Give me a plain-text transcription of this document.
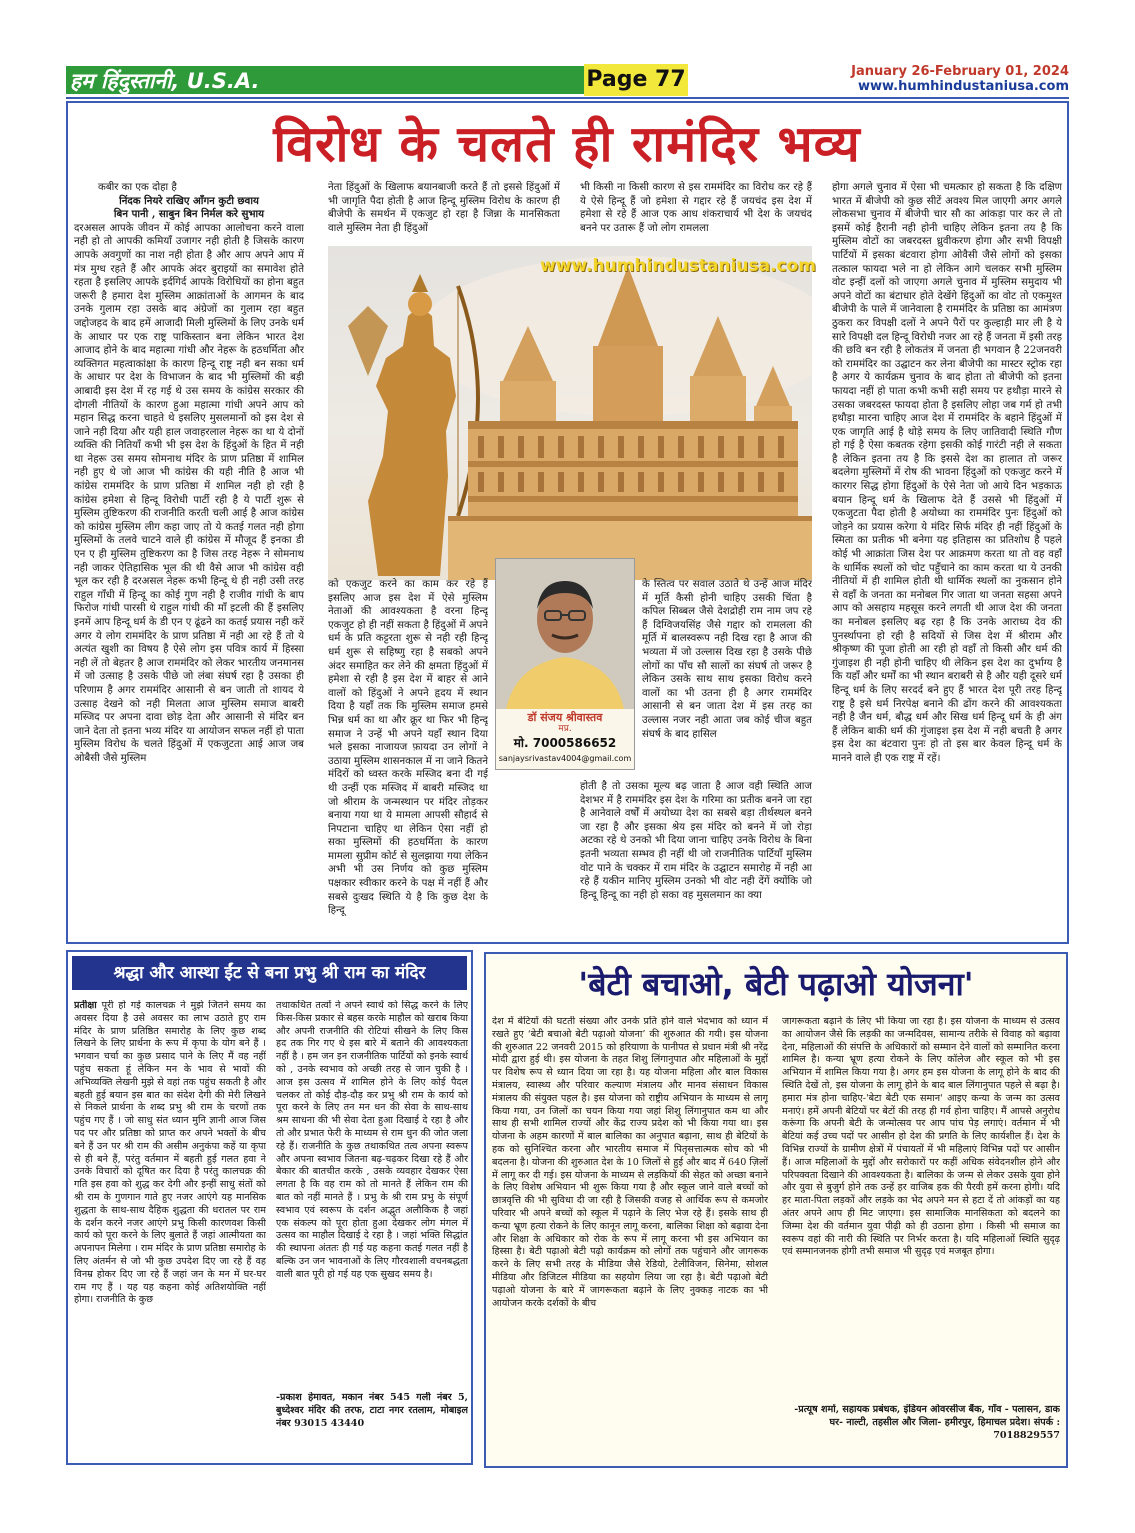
हम हिंदुस्तानी, U.S.A.	Page 77	January 26-February 01, 2024
www.humhindustaniusa.com
विरोध के चलते ही रामंदिर भव्य
कबीर का एक दोहा है
निंदक नियरे राखिए आँगन कुटी छवाय
बिन पानी , साबुन बिन निर्मल करे सुभाय
दरअसल आपके जीवन में कोई आपका आलोचना करने वाला नही हो तो आपकी कमियाँ उजागर नही होती है जिसके कारण आपके अवगुणों का नाश नही होता है और आप अपने आप में मंत्र मुग्ध रहते हैं और आपके अंदर बुराइयों का समावेश होते रहता है इसलिए आपके इर्दगिर्द आपके विरोधियों का होना बहुत जरूरी है हमारा देश मुस्लिम आक्रांताओं के आगमन के बाद उनके गुलाम रहा उसके बाद अंग्रेजों का गुलाम रहा बहुत जद्दोजहद के बाद हमें आजादी मिली मुस्लिमों के लिए उनके धर्म के आधार पर एक राष्ट्र पाकिस्तान बना लेकिन भारत देश आजाद होने के बाद महात्मा गांधी और नेहरू के हठधर्मिता और व्यक्तिगत महत्वाकांक्षा के कारण हिन्दू राष्ट्र नही बन सका धर्म के आधार पर देश के विभाजन के बाद भी मुस्लिमों की बड़ी आबादी इस देश में रह गई थे उस समय के कांग्रेस सरकार की दोगली नीतियों के कारण हुआ महात्मा गांधी अपने आप को महान सिद्ध करना चाहते थे इसलिए मुसलमानों को इस देश से जाने नही दिया और यही हाल जवाहरलाल नेहरू का था ये दोनों व्यक्ति की नितियाँ कभी भी इस देश के हिंदुओं के हित में नही था नेहरू उस समय सोमनाथ मंदिर के प्राण प्रतिष्ठा में शामिल नही हुए थे जो आज भी कांग्रेस की यही नीति है आज भी कांग्रेस राममंदिर के प्राण प्रतिष्ठा में शामिल नही हो रही है कांग्रेस हमेशा से हिन्दू विरोधी पार्टी रही है ये पार्टी शुरू से मुस्लिम तुष्टिकरण की राजनीति करती चली आई है आज कांग्रेस को कांग्रेस मुस्लिम लीग कहा जाए तो ये कतई गलत नही होगा मुस्लिमों के तलवे चाटने वाले ही कांग्रेस में मौजूद हैं इनका डी एन ए ही मुस्लिम तुष्टिकरण का है जिस तरह नेहरू ने सोमनाथ नही जाकर ऐतिहासिक भूल की थी वैसे आज भी कांग्रेस वही भूल कर रही है दरअसल नेहरू कभी हिन्दू थे ही नही उसी तरह राहुल गाँधी में हिन्दू का कोई गुण नही है राजीव गांधी के बाप फिरोज गांधी पारसी थे राहुल गांधी की माँ इटली की हैं इसलिए इनमें आप हिन्दू धर्म के डी एन ए ढूंढने का कतई प्रयास नही करें अगर ये लोग राममंदिर के प्राण प्रतिष्ठा में नही आ रहे हैं तो ये अत्यंत खुशी का विषय है ऐसे लोग इस पवित्र कार्य में हिस्सा नही लें तो बेहतर है आज राममंदिर को लेकर भारतीय जनमानस में जो उत्साह है उसके पीछे जो लंबा संघर्ष रहा है उसका ही परिणाम है अगर राममंदिर आसानी से बन जाती तो शायद ये उत्साह देखने को नही मिलता आज मुस्लिम समाज बाबरी मस्जिद पर अपना दावा छोड़ देता और आसानी से मंदिर बन जाने देता तो इतना भव्य मंदिर या आयोजन सफल नहीं हो पाता मुस्लिम विरोध के चलते हिंदुओं में एकजुटता आई आज जब ओबैसी जैसे मुस्लिम
नेता हिंदुओं के खिलाफ बयानबाजी करते हैं तो इससे हिंदुओं में भी जागृति पैदा होती है आज हिन्दू मुस्लिम विरोध के कारण ही बीजेपी के समर्थन में एकजुट हो रहा है जिन्ना के मानसिकता वाले मुस्लिम नेता ही हिंदुओं
भी किसी ना किसी कारण से इस राममंदिर का विरोध कर रहे हैं ये ऐसे हिन्दू हैं जो हमेशा से गद्दार रहे हैं जयचंद इस देश में हमेशा से रहे हैं आज एक आध शंकराचार्य भी देश के जयचंद बनने पर उतारू हैं जो लोग रामलला
www.humhindustaniusa.com
को एकजुट करने का काम कर रहे हैं इसलिए आज इस देश में ऐसे मुस्लिम नेताओं की आवश्यकता है वरना हिन्दू एकजुट हो ही नहीं सकता है हिंदुओं में अपने धर्म के प्रति कट्टरता शुरू से नही रही हिन्दू धर्म शुरू से सहिष्णु रहा है सबको अपने अंदर समाहित कर लेने की क्षमता हिंदुओं में हमेशा से रही है इस देश में बाहर से आने वालों को हिंदुओं ने अपने हृदय में स्थान दिया है यहाँ तक कि मुस्लिम समाज हमसे भिन्न धर्म का था और क्रूर था फिर भी हिन्दू समाज ने उन्हें भी अपने यहाँ स्थान दिया भले इसका नाजायज फ़ायदा उन लोगों ने उठाया मुस्लिम शासनकाल में ना जाने कितने मंदिरों को ध्वस्त करके मस्जिद बना दी गई थी उन्हीं एक मस्जिद में बाबरी मस्जिद था जो श्रीराम के जन्मस्थान पर मंदिर तोड़कर बनाया गया था ये मामला आपसी सौहार्द से निपटाना चाहिए था लेकिन ऐसा नहीं हो सका मुस्लिमों की हठधर्मिता के कारण मामला सुप्रीम कोर्ट से सुलझाया गया लेकिन अभी भी उस निर्णय को कुछ मुस्लिम पक्षकार स्वीकार करने के पक्ष में नहीं हैं और सबसे दुःखद स्थिति ये है कि कुछ देश के हिन्दू
डॉ संजय श्रीवास्तव
मप्र.
मो. 7000586652
sanjaysrivastav4004@gmail.com
के स्तित्व पर सवाल उठाते थे उन्हें आज मंदिर में मूर्ति कैसी होनी चाहिए उसकी चिंता है कपिल सिब्बल जैसे देशद्रोही राम नाम जप रहे हैं दिग्विजयसिंह जैसे गद्दार को रामलला की मूर्ति में बालस्वरूप नही दिख रहा है आज की भव्यता में जो उल्लास दिख रहा है उसके पीछे लोगों का पाँच सौ सालों का संघर्ष तो जरूर है लेकिन उसके साथ साथ इसका विरोध करने वालों का भी उतना ही है अगर राममंदिर आसानी से बन जाता देश में इस तरह का उल्लास नजर नही आता जब कोई चीज बहुत संघर्ष के बाद हासिल
होती है तो उसका मूल्य बढ़ जाता है आज वही स्थिति आज देशभर में है राममंदिर इस देश के गरिमा का प्रतीक बनने जा रहा है आनेवाले वर्षों में अयोध्या देश का सबसे बड़ा तीर्थस्थल बनने जा रहा है और इसका श्रेय इस मंदिर को बनने में जो रोड़ा अटका रहे थे उनको भी दिया जाना चाहिए उनके विरोध के बिना इतनी भव्यता सम्भव ही नहीं थी जो राजनीतिक पार्टियाँ मुस्लिम वोट पाने के चक्कर में राम मंदिर के उद्घाटन समारोह में नही आ रहे हैं यकीन मानिए मुस्लिम उनको भी वोट नही देंगें क्योंकि जो हिन्दू हिन्दू का नही हो सका वह मुसलमान का क्या
होगा अगले चुनाव में ऐसा भी चमत्कार हो सकता है कि दक्षिण भारत में बीजेपी को कुछ सीटें अवश्य मिल जाएगी अगर अगले लोकसभा चुनाव में बीजेपी चार सौ का आंकड़ा पार कर ले तो इसमें कोई हैरानी नही होनी चाहिए लेकिन इतना तय है कि मुस्लिम वोटों का जबरदस्त ध्रुवीकरण होगा और सभी विपक्षी पार्टियों में इसका बंटवारा होगा ओवैसी जैसे लोगों को इसका तत्काल फायदा भले ना हो लेकिन आगे चलकर सभी मुस्लिम वोट इन्हीं दलों को जाएगा अगले चुनाव में मुस्लिम समुदाय भी अपने वोटों का बंटाधार होते देखेंगे हिंदुओं का वोट तो एकमुश्त बीजेपी के पाले में जानेवाला है राममंदिर के प्रतिष्ठा का आमंत्रण ठुकरा कर विपक्षी दलों ने अपने पैरों पर कुल्हाड़ी मार ली है ये सारे विपक्षी दल हिन्दू विरोधी नजर आ रहे हैं जनता में इसी तरह की छवि बन रही है लोकतंत्र में जनता ही भगवान है 22जनवरी को राममंदिर का उद्घाटन कर लेना बीजेपी का मास्टर स्ट्रोक रहा है अगर ये कार्यक्रम चुनाव के बाद होता तो बीजेपी को इतना फायदा नहीं हो पाता कभी कभी सही समय पर हथौड़ा मारने से उसका जबरदस्त फायदा होता है इसलिए लोहा जब गर्म हो तभी हथौड़ा मारना चाहिए आज देश में राममंदिर के बहाने हिंदुओं में एक जागृति आई है थोड़े समय के लिए जातिवादी स्थिति गौण हो गई है ऐसा कबतक रहेगा इसकी कोई गारंटी नही ले सकता है लेकिन इतना तय है कि इससे देश का हालात तो जरूर बदलेगा मुस्लिमों में रोष की भावना हिंदुओं को एकजुट करने में कारगर सिद्ध होगा हिंदुओं के ऐसे नेता जो आये दिन भड़काऊ बयान हिन्दू धर्म के खिलाफ देते हैं उससे भी हिंदुओं में एकजुटता पैदा होती है अयोध्या का राममंदिर पुनः हिंदुओं को जोड़ने का प्रयास करेगा ये मंदिर सिर्फ मंदिर ही नहीं हिंदुओं के स्मिता का प्रतीक भी बनेगा यह इतिहास का प्रतिशोध है पहले कोई भी आक्रांता जिस देश पर आक्रमण करता था तो वह वहाँ के धार्मिक स्थलों को चोट पहुँचाने का काम करता था ये उनकी नीतियों में ही शामिल होती थी धार्मिक स्थलों का नुकसान होने से वहाँ के जनता का मनोबल गिर जाता था जनता सहसा अपने आप को असहाय महसूस करने लगती थी आज देश की जनता का मनोबल इसलिए बढ़ रहा है कि उनके आराध्य देव की पुनर्स्थापना हो रही है सदियों से जिस देश में श्रीराम और श्रीकृष्ण की पूजा होती आ रही हो वहाँ तो किसी और धर्म की गुंजाइश ही नही होनी चाहिए थी लेकिन इस देश का दुर्भाग्य है कि यहाँ और धर्मों का भी स्थान बराबरी से है और यही दूसरे धर्म हिन्दू धर्म के लिए सरदर्द बने हुए हैं भारत देश पूरी तरह हिन्दू राष्ट्र है इसे धर्म निरपेक्ष बनाने की ढोंग करने की आवश्यकता नही है जैन धर्म, बौद्ध धर्म और सिख धर्म हिन्दू धर्म के ही अंग हैं लेकिन बाकी धर्म की गुंजाइश इस देश में नही बचती है अगर इस देश का बंटवारा पुनः हो तो इस बार केवल हिन्दू धर्म के मानने वाले ही एक राष्ट्र में रहें।
श्रद्धा और आस्था ईंट से बना प्रभु श्री राम का मंदिर
प्रतीक्षा पूरी हो गई कालचक्र ने मुझे जितने समय का अवसर दिया है उसे अवसर का लाभ उठाते हुए राम मंदिर के प्राण प्रतिष्ठित समारोह के लिए कुछ शब्द लिखने के लिए प्रार्थना के रूप में कृपा के योग बने हैं । भगवान चर्चा का कुछ प्रसाद पाने के लिए मैं वह नहीं पहुंच सकता हूं लेकिन मन के भाव से भावों की अभिव्यक्ति लेखनी मुझे से वहां तक पहुंच सकती है और बहती हुई बयान इस बात का संदेश देगी की मेरी लिखने से निकले प्रार्थना के शब्द प्रभु श्री राम के चरणों तक पहुंच गए हैं । जो साधु संत ध्यान मुनि ज्ञानी आज जिस पद पर और प्रतिष्ठा को प्राप्त कर अपने भक्तों के बीच बने हैं उन पर श्री राम की असीम अनुकंपा कहें या कृपा से ही बने हैं, परंतु वर्तमान में बहती हुई गलत हवा ने उनके विचारों को दूषित कर दिया है परंतु कालचक्र की गति इस हवा को शुद्ध कर देगी और इन्हीं साधु संतों को श्री राम के गुणगान गाते हुए नजर आएंगे यह मानसिक शुद्धता के साथ-साथ दैहिक शुद्धता की धरातल पर राम के दर्शन करने नजर आएंगे प्रभु किसी कारणवश किसी कार्य को पूरा करने के लिए बुलाते हैं जहां आत्मीयता का अपनापन मिलेगा । राम मंदिर के प्राण प्रतिष्ठा समारोह के लिए अंतर्मन से जो भी कुछ उपदेश दिए जा रहे हैं वह विनम्र होकर दिए जा रहे हैं जहां जन के मन में घर-घर राम गए हैं । यह यह कहना कोई अतिशयोक्ति नहीं होगा। राजनीति के कुछ
तथाकथित तत्वों ने अपने स्वार्थ को सिद्ध करने के लिए किस-किस प्रकार से बहस करके माहौल को खराब किया और अपनी राजनीति की रोटियां सीखने के लिए किस हद तक गिर गए थे इस बारे में बताने की आवश्यकता नहीं है । हम जन इन राजनीतिक पार्टियों को इनके स्वार्थ को , उनके स्वभाव को अच्छी तरह से जान चुकी है । आज इस उत्सव में शामिल होने के लिए कोई पैदल चलकर तो कोई दौड़-दौड़ कर प्रभु श्री राम के कार्य को पूरा करने के लिए तन मन धन की सेवा के साथ-साथ श्रम साधना की भी सेवा देता हुआ दिखाई दे रहा है और तो और प्रभात फेरी के माध्यम से राम धुन की जोत जला रहे हैं। राजनीति के कुछ तथाकथित तत्व अपना स्वरूप और अपना स्वभाव जितना बढ़-चढ़कर दिखा रहे हैं और बेकार की बातचीत करके , उसके व्यवहार देखकर ऐसा लगता है कि वह राम को तो मानते हैं लेकिन राम की बात को नहीं मानते हैं । प्रभु के श्री राम प्रभु के संपूर्ण स्वभाव एवं स्वरूप के दर्शन अद्भुत अलौकिक है जहां एक संकल्प को पूरा होता हुआ देखकर लोग मंगल में उत्सव का माहौल दिखाई दे रहा है । जहां भक्ति सिद्धांत की स्थापना अंततः ही गई यह कहना कतई गलत नहीं है बल्कि उन जन भावनाओं के लिए गौरवशाली वचनबद्धता वाली बात पूरी हो गई यह एक सुखद समय है।
-प्रकाश हेमावत, मकान नंबर 545 गली नंबर 5, बुध्देश्वर मंदिर की तरफ, टाटा नगर रतलाम, मोबाइल नंबर 93015 43440
'बेटी बचाओ, बेटी पढ़ाओ योजना'
देश में बेटियों की घटती संख्या और उनके प्रति होने वाले भेदभाव को ध्यान में रखते हुए ‘बेटी बचाओ बेटी पढ़ाओ योजना’ की शुरुआत की गयी। इस योजना की शुरुआत 22 जनवरी 2015 को हरियाणा के पानीपत से प्रधान मंत्री श्री नरेंद्र मोदी द्वारा हुई थी। इस योजना के तहत शिशु लिंगानुपात और महिलाओं के मुद्दों पर विशेष रूप से ध्यान दिया जा रहा है। यह योजना महिला और बाल विकास मंत्रालय, स्वास्थ्य और परिवार कल्याण मंत्रालय और मानव संसाधन विकास मंत्रालय की संयुक्त पहल है। इस योजना को राष्ट्रीय अभियान के माध्यम से लागू किया गया, उन जिलों का चयन किया गया जहां शिशु लिंगानुपात कम था और साथ ही सभी शामिल राज्यों और केंद्र राज्य प्रदेश को भी किया गया था। इस योजना के अहम कारणों में बाल बालिका का अनुपात बढ़ाना, साथ ही बेटियों के हक को सुनिश्चित करना और भारतीय समाज में पितृसत्तात्मक सोच को भी बदलना है। योजना की शुरुआत देश के 10 जिलों से हुई और बाद में 640 ज़िलों में लागू कर दी गई। इस योजना के माध्यम से लड़कियों की सेहत को अच्छा बनाने के लिए विशेष अभियान भी शुरू किया गया है और स्कूल जाने वाले बच्चों को छात्रवृत्ति की भी सुविधा दी जा रही है जिसकी वजह से आर्थिक रूप से कमजोर परिवार भी अपने बच्चों को स्कूल में पढ़ाने के लिए भेज रहे हैं। इसके साथ ही कन्या भ्रूण हत्या रोकने के लिए कानून लागू करना, बालिका शिक्षा को बढ़ावा देना और शिक्षा के अधिकार को रोक के रूप में लागू करना भी इस अभियान का हिस्सा है। बेटी पढ़ाओ बेटी पढ़ो कार्यक्रम को लोगों तक पहुंचाने और जागरूक करने के लिए सभी तरह के मीडिया जैसे रेडियो, टेलीविजन, सिनेमा, सोशल मीडिया और डिजिटल मीडिया का सहयोग लिया जा रहा है। बेटी पढ़ाओ बेटी पढ़ाओ योजना के बारे में जागरूकता बढ़ाने के लिए नुक्कड़ नाटक का भी आयोजन करके दर्शकों के बीच
जागरूकता बढ़ाने के लिए भी किया जा रहा है। इस योजना के माध्यम से उत्सव का आयोजन जैसे कि लड़की का जन्मदिवस, सामान्य तरीके से विवाह को बढ़ावा देना, महिलाओं की संपत्ति के अधिकारों को सम्मान देने वालों को सम्मानित करना शामिल है। कन्या भ्रूण हत्या रोकने के लिए कॉलेज और स्कूल को भी इस अभियान में शामिल किया गया है। अगर हम इस योजना के लागू होने के बाद की स्थिति देखें तो, इस योजना के लागू होने के बाद बाल लिंगानुपात पहले से बढ़ा है। हमारा मंत्र होना चाहिए-'बेटा बेटी एक समान' आइए कन्या के जन्म का उत्सव मनाएं। हमें अपनी बेटियों पर बेटों की तरह ही गर्व होना चाहिए। मैं आपसे अनुरोध करूंगा कि अपनी बेटी के जन्मोत्सव पर आप पांच पेड़ लगाएं। वर्तमान में भी बेटियां कई उच्च पदों पर आसीन हो देश की प्रगति के लिए कार्यशील हैं। देश के विभिन्न राज्यों के ग्रामीण क्षेत्रों में पंचायतों में भी महिलाएं विभिन्न पदों पर आसीन हैं। आज महिलाओं के मुद्दों और सरोकारों पर कहीं अधिक संवेदनशील होने और परिपक्वता दिखाने की आवश्यकता है। बालिका के जन्म से लेकर उसके युवा होने और युवा से बुजुर्ग होने तक उन्हें हर वाजिब हक की पैरवी हमें करना होगी। यदि हर माता-पिता लड़कों और लड़के का भेद अपने मन से हटा दें तो आंकड़ों का यह अंतर अपने आप ही मिट जाएगा। इस सामाजिक मानसिकता को बदलने का जिम्मा देश की वर्तमान युवा पीढ़ी को ही उठाना होगा । किसी भी समाज का स्वरूप वहां की नारी की स्थिति पर निर्भर करता है। यदि महिलाओं स्थिति सुदृढ़ एवं सम्मानजनक होगी तभी समाज भी सुदृढ़ एवं मजबूत होगा।
-प्रत्यूष शर्मा, सहायक प्रबंधक, इंडियन ओवरसीज बैंक, गाँव - पलासन, डाक घर- नाल्टी, तहसील और जिला- हमीरपुर, हिमाचल प्रदेश। संपर्क : 7018829557
